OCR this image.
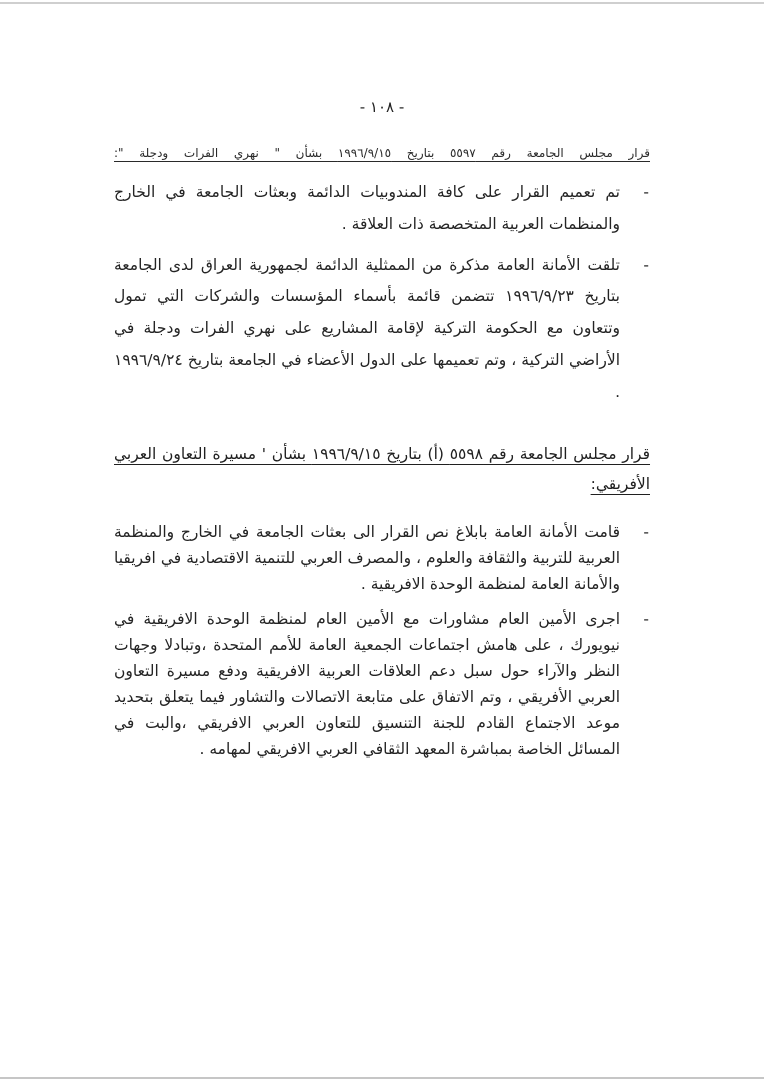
- ١٠٨ -
قرار مجلس الجامعة رقم ٥٥٩٧ بتاريخ ١٩٩٦/٩/١٥ بشأن " نهري الفرات ودجلة ":
-
تم تعميم القرار على كافة المندوبيات الدائمة وبعثات الجامعة في الخارج والمنظمات العربية المتخصصة ذات العلاقة .
-
تلقت الأمانة العامة مذكرة من الممثلية الدائمة لجمهورية العراق لدى الجامعة بتاريخ ١٩٩٦/٩/٢٣ تتضمن قائمة بأسماء المؤسسات والشركات التي تمول وتتعاون مع الحكومة التركية لإقامة المشاريع على نهري الفرات ودجلة في الأراضي التركية ، وتم تعميمها على الدول الأعضاء في الجامعة بتاريخ ١٩٩٦/٩/٢٤ .
قرار مجلس الجامعة رقم ٥٥٩٨ (أ) بتاريخ ١٩٩٦/٩/١٥ بشأن ' مسيرة التعاون العربي الأفريقي:
-
قامت الأمانة العامة بابلاغ نص القرار الى بعثات الجامعة في الخارج والمنظمة العربية للتربية والثقافة والعلوم ، والمصرف العربي للتنمية الاقتصادية في افريقيا والأمانة العامة لمنظمة الوحدة الافريقية .
-
اجرى الأمين العام مشاورات مع الأمين العام لمنظمة الوحدة الافريقية في نيويورك ، على هامش اجتماعات الجمعية العامة للأمم المتحدة ،وتبادلا وجهات النظر والآراء حول سبل دعم العلاقات العربية الافريقية ودفع مسيرة التعاون العربي الأفريقي ، وتم الاتفاق على متابعة الاتصالات والتشاور فيما يتعلق بتحديد موعد الاجتماع القادم للجنة التنسيق للتعاون العربي الافريقي ،والبت في المسائل الخاصة بمباشرة المعهد الثقافي العربي الافريقي لمهامه .
